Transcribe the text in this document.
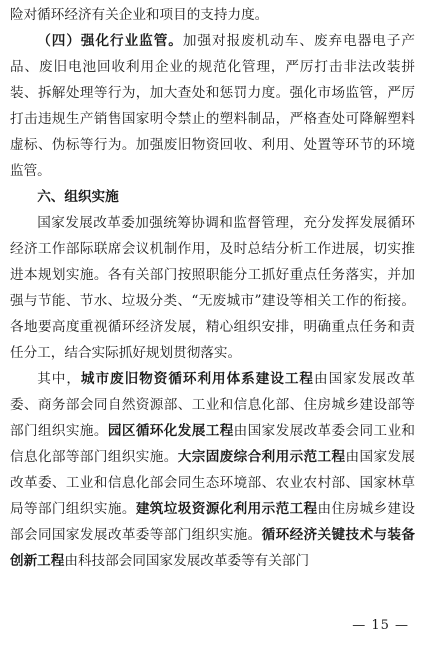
险对循环经济有关企业和项目的支持力度。

（四）强化行业监管。加强对报废机动车、废弃电器电子产品、废旧电池回收利用企业的规范化管理，严厉打击非法改装拼装、拆解处理等行为，加大查处和惩罚力度。强化市场监管，严厉打击违规生产销售国家明令禁止的塑料制品，严格查处可降解塑料虚标、伪标等行为。加强废旧物资回收、利用、处置等环节的环境监管。

六、组织实施

国家发展改革委加强统筹协调和监督管理，充分发挥发展循环经济工作部际联席会议机制作用，及时总结分析工作进展，切实推进本规划实施。各有关部门按照职能分工抓好重点任务落实，并加强与节能、节水、垃圾分类、“无废城市”建设等相关工作的衔接。各地要高度重视循环经济发展，精心组织安排，明确重点任务和责任分工，结合实际抓好规划贯彻落实。

其中，城市废旧物资循环利用体系建设工程由国家发展改革委、商务部会同自然资源部、工业和信息化部、住房城乡建设部等部门组织实施。园区循环化发展工程由国家发展改革委会同工业和信息化部等部门组织实施。大宗固废综合利用示范工程由国家发展改革委、工业和信息化部会同生态环境部、农业农村部、国家林草局等部门组织实施。建筑垃圾资源化利用示范工程由住房城乡建设部会同国家发展改革委等部门组织实施。循环经济关键技术与装备创新工程由科技部会同国家发展改革委等有关部门

— 15 —
